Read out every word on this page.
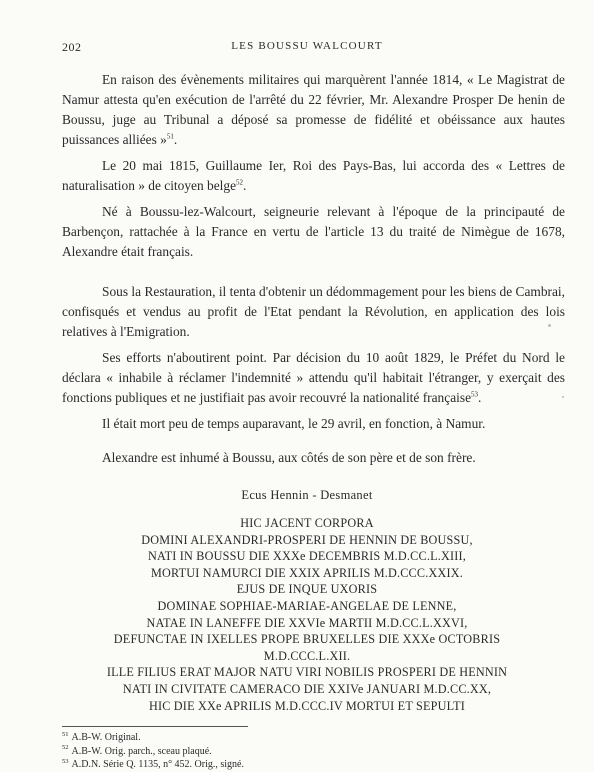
202	LES BOUSSU WALCOURT

En raison des évènements militaires qui marquèrent l'année 1814, « Le Magistrat de Namur attesta qu'en exécution de l'arrêté du 22 février, Mr. Alexandre Prosper De henin de Boussu, juge au Tribunal a déposé sa promesse de fidélité et obéissance aux hautes puissances alliées »$^{51}$.

Le 20 mai 1815, Guillaume Ier, Roi des Pays-Bas, lui accorda des « Lettres de naturalisation » de citoyen belge$^{52}$.

Né à Boussu-lez-Walcourt, seigneurie relevant à l'époque de la principauté de Barbençon, rattachée à la France en vertu de l'article 13 du traité de Nimègue de 1678, Alexandre était français.

Sous la Restauration, il tenta d'obtenir un dédommagement pour les biens de Cambrai, confisqués et vendus au profit de l'Etat pendant la Révolution, en application des lois relatives à l'Emigration.

Ses efforts n'aboutirent point. Par décision du 10 août 1829, le Préfet du Nord le déclara « inhabile à réclamer l'indemnité » attendu qu'il habitait l'étranger, y exerçait des fonctions publiques et ne justifiait pas avoir recouvré la nationalité française$^{53}$.

Il était mort peu de temps auparavant, le 29 avril, en fonction, à Namur.

Alexandre est inhumé à Boussu, aux côtés de son père et de son frère.

Ecus Hennin - Desmanet
HIC JACENT CORPORA
DOMINI ALEXANDRI-PROSPERI DE HENNIN DE BOUSSU,
NATI IN BOUSSU DIE XXXe DECEMBRIS M.D.CC.L.XIII,
MORTUI NAMURCI DIE XXIX APRILIS M.D.CCC.XXIX.
EJUS DE INQUE UXORIS
DOMINAE SOPHIAE-MARIAE-ANGELAE DE LENNE,
NATAE IN LANEFFE DIE XXVIe MARTII M.D.CC.L.XXVI,
DEFUNCTAE IN IXELLES PROPE BRUXELLES DIE XXXe OCTOBRIS
M.D.CCC.L.XII.
ILLE FILIUS ERAT MAJOR NATU VIRI NOBILIS PROSPERI DE HENNIN
NATI IN CIVITATE CAMERACO DIE XXIVe JANUARI M.D.CC.XX,
HIC DIE XXe APRILIS M.D.CCC.IV MORTUI ET SEPULTI
$^{51}$ A.B-W. Original.
$^{52}$ A.B-W. Orig. parch., sceau plaqué.
$^{53}$ A.D.N. Série Q. 1135, n° 452. Orig., signé.
